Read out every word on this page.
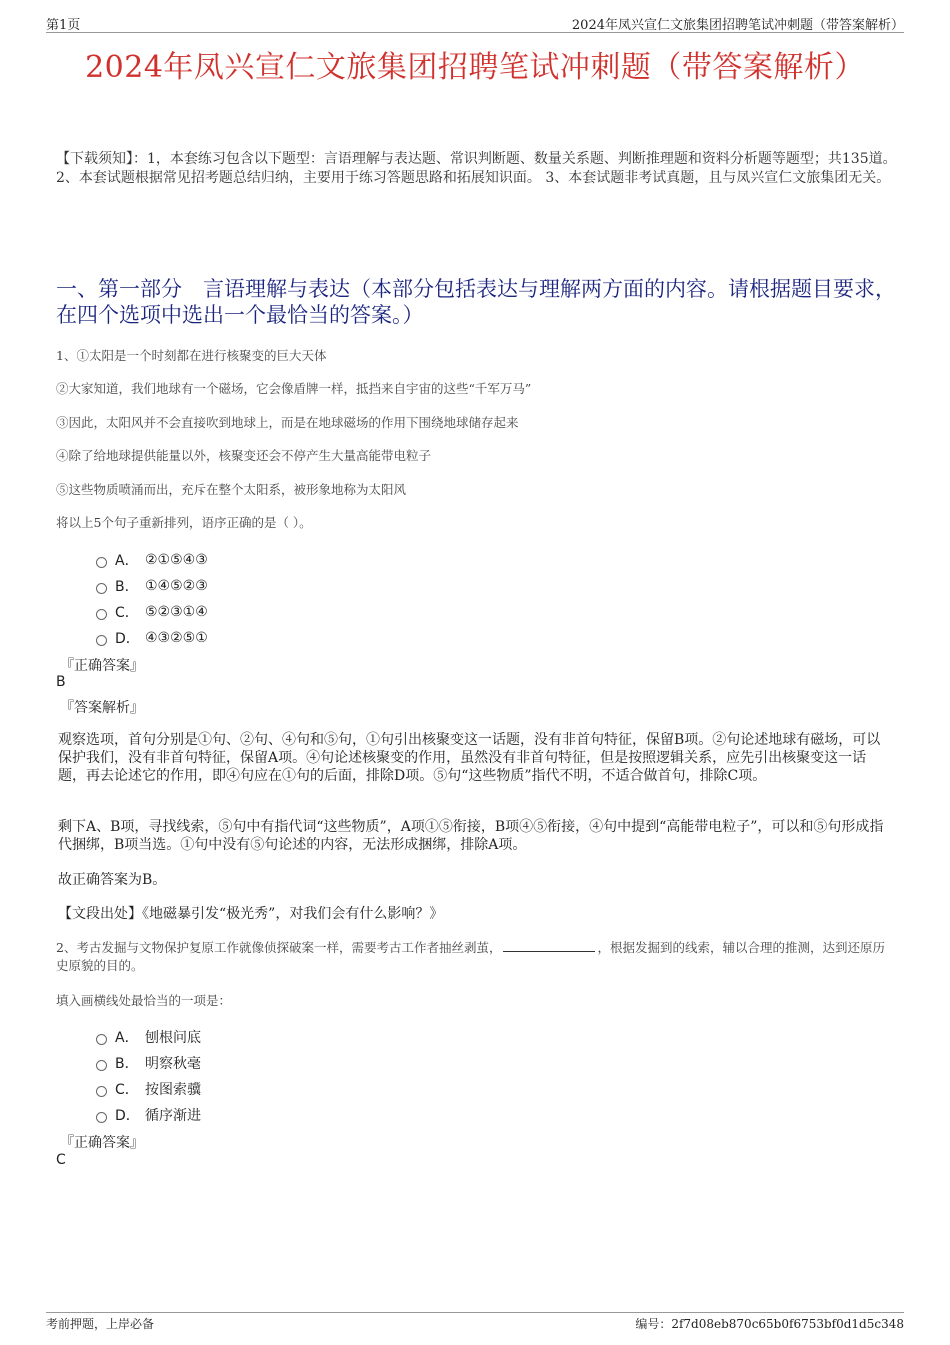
第1页	2024年凤兴宣仁文旅集团招聘笔试冲刺题（带答案解析）
2024年凤兴宣仁文旅集团招聘笔试冲刺题（带答案解析）
【下载须知】：1，本套练习包含以下题型：言语理解与表达题、常识判断题、数量关系题、判断推理题和资料分析题等题型；共135道。 2、本套试题根据常见招考题总结归纳，主要用于练习答题思路和拓展知识面。 3、本套试题非考试真题，且与凤兴宣仁文旅集团无关。
一、第一部分　言语理解与表达（本部分包括表达与理解两方面的内容。请根据题目要求，在四个选项中选出一个最恰当的答案。）
1、①太阳是一个时刻都在进行核聚变的巨大天体
②大家知道，我们地球有一个磁场，它会像盾牌一样，抵挡来自宇宙的这些“千军万马”
③因此，太阳风并不会直接吹到地球上，而是在地球磁场的作用下围绕地球储存起来
④除了给地球提供能量以外，核聚变还会不停产生大量高能带电粒子
⑤这些物质喷涌而出，充斥在整个太阳系，被形象地称为太阳风
将以上5个句子重新排列，语序正确的是（ ）。
A． ②①⑤④③
B． ①④⑤②③
C． ⑤②③①④
D． ④③②⑤①
『正确答案』
B
『答案解析』
观察选项，首句分别是①句、②句、④句和⑤句，①句引出核聚变这一话题，没有非首句特征，保留B项。②句论述地球有磁场，可以保护我们，没有非首句特征，保留A项。④句论述核聚变的作用，虽然没有非首句特征，但是按照逻辑关系，应先引出核聚变这一话题，再去论述它的作用，即④句应在①句的后面，排除D项。⑤句“这些物质”指代不明，不适合做首句，排除C项。
剩下A、B项，寻找线索，⑤句中有指代词“这些物质”，A项①⑤衔接，B项④⑤衔接，④句中提到“高能带电粒子”，可以和⑤句形成指代捆绑，B项当选。①句中没有⑤句论述的内容，无法形成捆绑，排除A项。
故正确答案为B。
【文段出处】《地磁暴引发“极光秀”，对我们会有什么影响？》
2、考古发掘与文物保护复原工作就像侦探破案一样，需要考古工作者抽丝剥茧，	，根据发掘到的线索，辅以合理的推测，达到还原历史原貌的目的。
填入画横线处最恰当的一项是：
A． 刨根问底
B． 明察秋毫
C． 按图索骥
D． 循序渐进
『正确答案』
C
考前押题，上岸必备	编号：2f7d08eb870c65b0f6753bf0d1d5c348
